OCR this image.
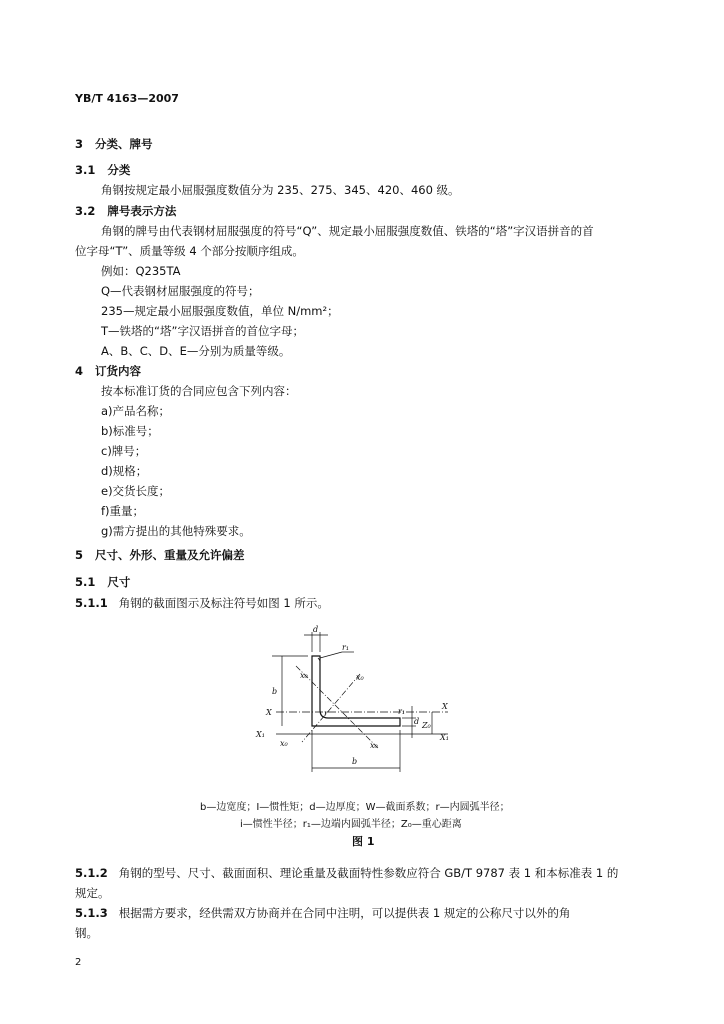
YB/T 4163—2007
3 分类、牌号
3.1 分类
角钢按规定最小屈服强度数值分为 235、275、345、420、460 级。
3.2 牌号表示方法
角钢的牌号由代表钢材屈服强度的符号“Q”、规定最小屈服强度数值、铁塔的“塔”字汉语拼音的首
位字母“T”、质量等级 4 个部分按顺序组成。
例如：Q235TA
Q—代表钢材屈服强度的符号；
235—规定最小屈服强度数值，单位 N/mm²；
T—铁塔的“塔”字汉语拼音的首位字母；
A、B、C、D、E—分别为质量等级。
4 订货内容
按本标准订货的合同应包含下列内容：
a)产品名称；
b)标准号；
c)牌号；
d)规格；
e)交货长度；
f)重量；
g)需方提出的其他特殊要求。
5 尺寸、外形、重量及允许偏差
5.1 尺寸
5.1.1 角钢的截面图示及标注符号如图 1 所示。
d
r₁
b
x₀	x₀
x₀
x₀
X
X
X₁	X₁
r
d Z₀
r₁
b
b—边宽度；I—惯性矩；d—边厚度；W—截面系数；r—内圆弧半径；
i—惯性半径；r₁—边端内圆弧半径；Z₀—重心距离
图 1
5.1.2 角钢的型号、尺寸、截面面积、理论重量及截面特性参数应符合 GB/T 9787 表 1 和本标准表 1 的
规定。
5.1.3 根据需方要求，经供需双方协商并在合同中注明，可以提供表 1 规定的公称尺寸以外的角
钢。
2
